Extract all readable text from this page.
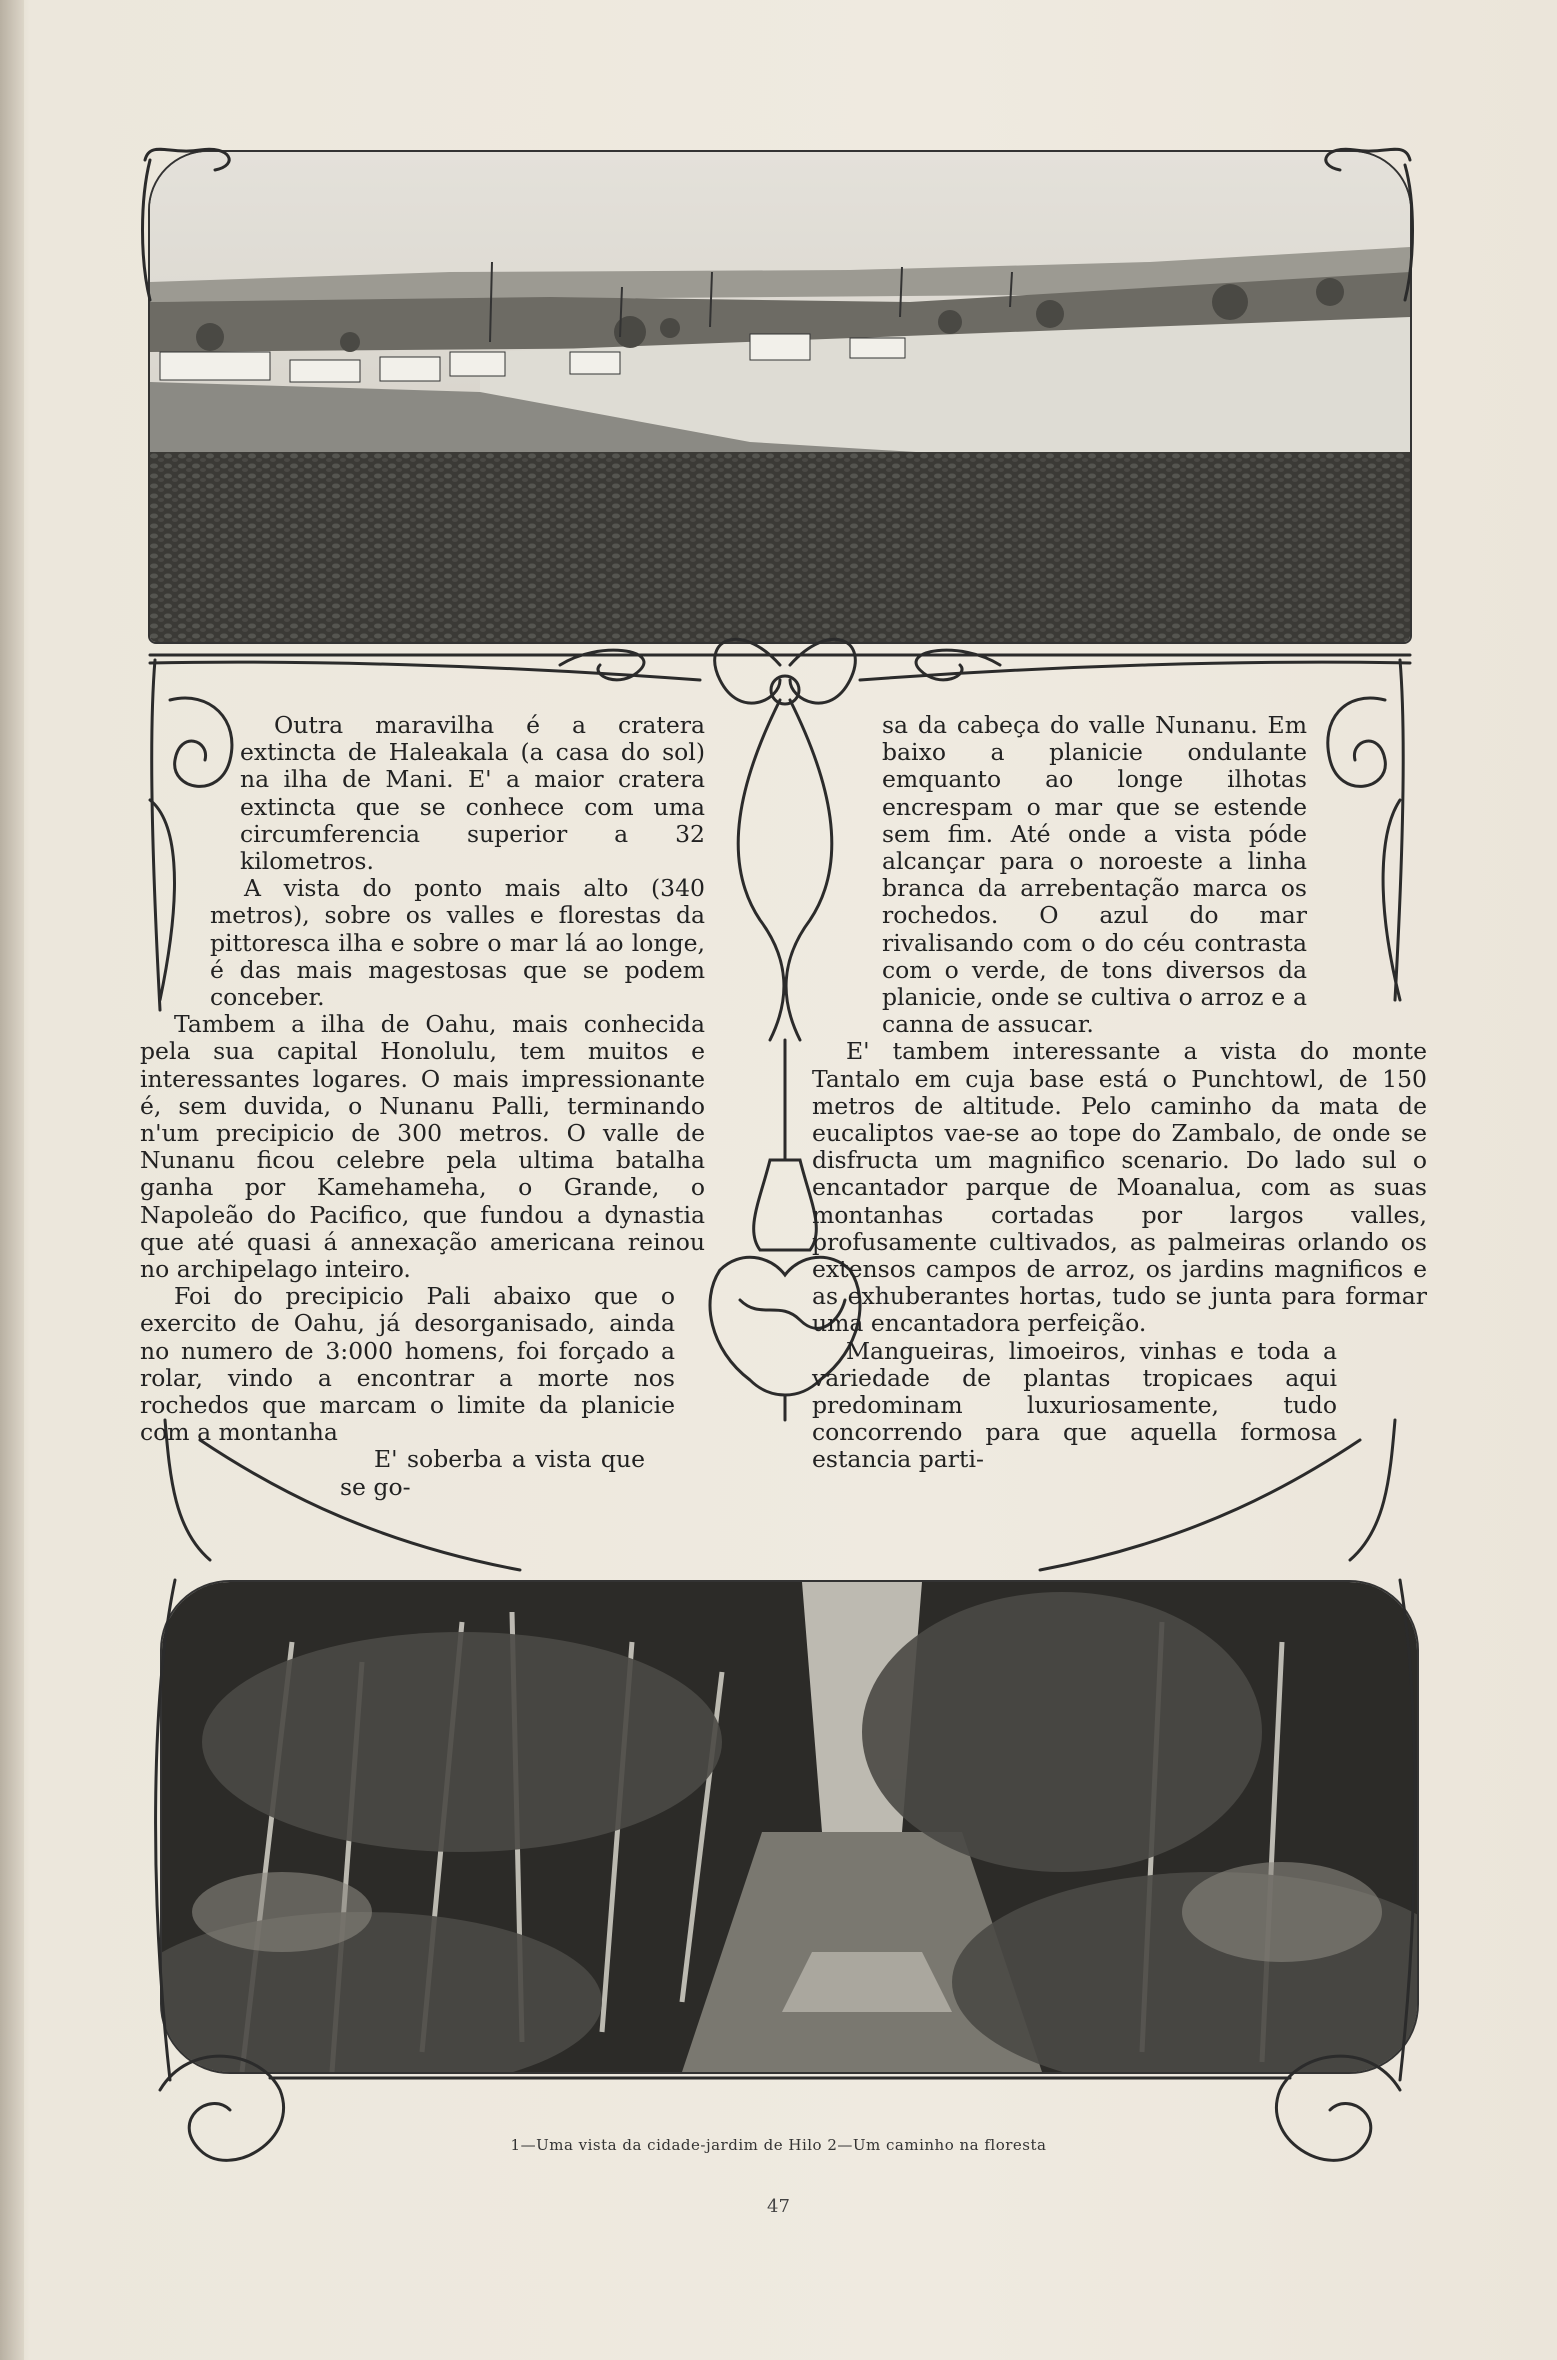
Outra maravilha é a cratera extincta de Haleakala (a casa do sol) na ilha de Mani. E' a maior cratera extincta que se conhece com uma circumferencia superior a 32 kilometros.

A vista do ponto mais alto (340 metros), sobre os valles e florestas da pittoresca ilha e sobre o mar lá ao longe, é das mais magestosas que se podem conceber.

Tambem a ilha de Oahu, mais conhecida pela sua capital Honolulu, tem muitos e interessantes logares. O mais impressionante é, sem duvida, o Nunanu Palli, terminando n'um precipicio de 300 metros. O valle de Nunanu ficou celebre pela ultima batalha ganha por Kamehameha, o Grande, o Napoleão do Pacifico, que fundou a dynastia que até quasi á annexação americana reinou no archipelago inteiro.

Foi do precipicio Pali abaixo que o exercito de Oahu, já desorganisado, ainda no numero de 3:000 homens, foi forçado a rolar, vindo a encontrar a morte nos rochedos que marcam o limite da planicie com a montanha

E' soberba a vista que se go-

sa da cabeça do valle Nunanu. Em baixo a planicie ondulante emquanto ao longe ilhotas encrespam o mar que se estende sem fim. Até onde a vista póde alcançar para o noroeste a linha branca da arrebentação marca os rochedos. O azul do mar rivalisando com o do céu contrasta com o verde, de tons diversos da planicie, onde se cultiva o arroz e a canna de assucar.

E' tambem interessante a vista do monte Tantalo em cuja base está o Punchtowl, de 150 metros de altitude. Pelo caminho da mata de eucaliptos vae-se ao tope do Zambalo, de onde se disfructa um magnifico scenario. Do lado sul o encantador parque de Moanalua, com as suas montanhas cortadas por largos valles, profusamente cultivados, as palmeiras orlando os extensos campos de arroz, os jardins magnificos e as exhuberantes hortas, tudo se junta para formar uma encantadora perfeição.

Mangueiras, limoeiros, vinhas e toda a variedade de plantas tropicaes aqui predominam luxuriosamente, tudo concorrendo para que aquella formosa estancia parti-

1—Uma vista da cidade-jardim de Hilo 2—Um caminho na floresta
47
